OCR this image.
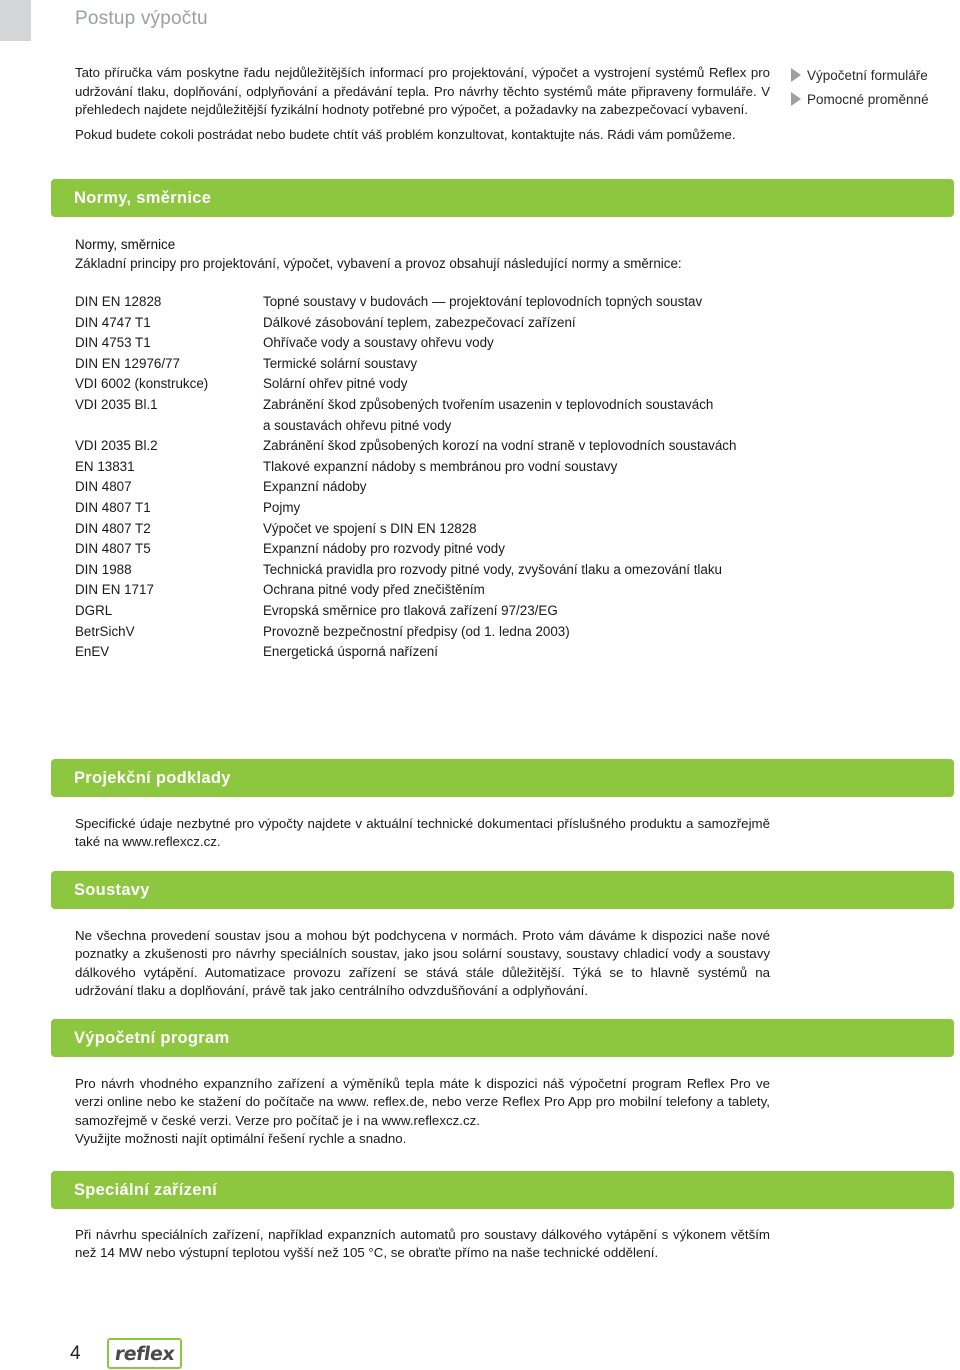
Postup výpočtu

Tato příručka vám poskytne řadu nejdůležitějších informací pro projektování, výpočet a vystrojení systémů Reflex pro udržování tlaku, doplňování, odplyňování a předávání tepla. Pro návrhy těchto systémů máte připraveny formuláře. V přehledech najdete nejdůležitější fyzikální hodnoty potřebné pro výpočet, a požadavky na zabezpečovací vybavení.

Pokud budete cokoli postrádat nebo budete chtít váš problém konzultovat, kontaktujte nás. Rádi vám pomůžeme.

Výpočetní formuláře
Pomocné proměnné
Normy, směrnice
Normy, směrnice
Základní principy pro projektování, výpočet, vybavení a provoz obsahují následující normy a směrnice:
DIN EN 12828	Topné soustavy v budovách — projektování teplovodních topných soustav
DIN 4747 T1	Dálkové zásobování teplem, zabezpečovací zařízení
DIN 4753 T1	Ohřívače vody a soustavy ohřevu vody
DIN EN 12976/77	Termické solární soustavy
VDI 6002 (konstrukce)	Solární ohřev pitné vody
VDI 2035 Bl.1	Zabránění škod způsobených tvořením usazenin v teplovodních soustavách
a soustavách ohřevu pitné vody
VDI 2035 Bl.2	Zabránění škod způsobených korozí na vodní straně v teplovodních soustavách
EN 13831	Tlakové expanzní nádoby s membránou pro vodní soustavy
DIN 4807	Expanzní nádoby
DIN 4807 T1	Pojmy
DIN 4807 T2	Výpočet ve spojení s DIN EN 12828
DIN 4807 T5	Expanzní nádoby pro rozvody pitné vody
DIN 1988	Technická pravidla pro rozvody pitné vody, zvyšování tlaku a omezování tlaku
DIN EN 1717	Ochrana pitné vody před znečištěním
DGRL	Evropská směrnice pro tlaková zařízení 97/23/EG
BetrSichV	Provozně bezpečnostní předpisy (od 1. ledna 2003)
EnEV	Energetická úsporná nařízení
Projekční podklady

Specifické údaje nezbytné pro výpočty najdete v aktuální technické dokumentaci příslušného produktu a samozřejmě také na www.reflexcz.cz.

Soustavy

Ne všechna provedení soustav jsou a mohou být podchycena v normách. Proto vám dáváme k dispozici naše nové poznatky a zkušenosti pro návrhy speciálních soustav, jako jsou solární soustavy, soustavy chladicí vody a soustavy dálkového vytápění. Automatizace provozu zařízení se stává stále důležitější. Týká se to hlavně systémů na udržování tlaku a doplňování, právě tak jako centrálního odvzdušňování a odplyňování.

Výpočetní program

Pro návrh vhodného expanzního zařízení a výměníků tepla máte k dispozici náš výpočetní program Reflex Pro ve verzi online nebo ke stažení do počítače na www. reflex.de, nebo verze Reflex Pro App pro mobilní telefony a tablety, samozřejmě v české verzi. Verze pro počítač je i na www.reflexcz.cz.

Využijte možnosti najít optimální řešení rychle a snadno.

Speciální zařízení

Při návrhu speciálních zařízení, například expanzních automatů pro soustavy dálkového vytápění s výkonem větším než 14 MW nebo výstupní teplotou vyšší než 105 °C, se obraťte přímo na naše technické oddělení.

4 reflex
